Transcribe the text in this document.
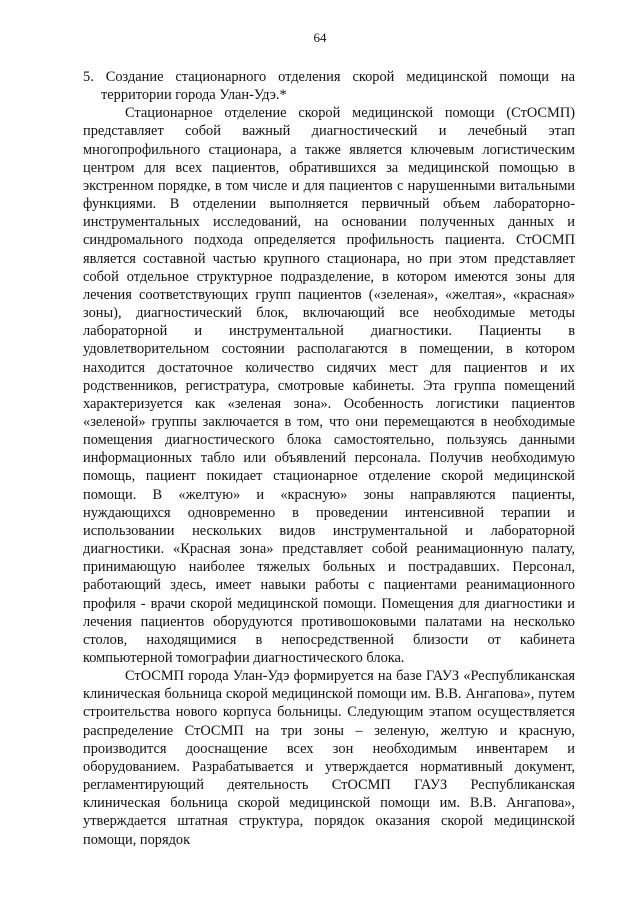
64

5. Создание стационарного отделения скорой медицинской помощи на территории города Улан-Удэ.*

Стационарное отделение скорой медицинской помощи (СтОСМП) представляет собой важный диагностический и лечебный этап многопрофильного стационара, а также является ключевым логистическим центром для всех пациентов, обратившихся за медицинской помощью в экстренном порядке, в том числе и для пациентов с нарушенными витальными функциями. В отделении выполняется первичный объем лабораторно-инструментальных исследований, на основании полученных данных и синдромального подхода определяется профильность пациента. СтОСМП является составной частью крупного стационара, но при этом представляет собой отдельное структурное подразделение, в котором имеются зоны для лечения соответствующих групп пациентов («зеленая», «желтая», «красная» зоны), диагностический блок, включающий все необходимые методы лабораторной и инструментальной диагностики. Пациенты в удовлетворительном состоянии располагаются в помещении, в котором находится достаточное количество сидячих мест для пациентов и их родственников, регистратура, смотровые кабинеты. Эта группа помещений характеризуется как «зеленая зона». Особенность логистики пациентов «зеленой» группы заключается в том, что они перемещаются в необходимые помещения диагностического блока самостоятельно, пользуясь данными информационных табло или объявлений персонала. Получив необходимую помощь, пациент покидает стационарное отделение скорой медицинской помощи. В «желтую» и «красную» зоны направляются пациенты, нуждающихся одновременно в проведении интенсивной терапии и использовании нескольких видов инструментальной и лабораторной диагностики. «Красная зона» представляет собой реанимационную палату, принимающую наиболее тяжелых больных и пострадавших. Персонал, работающий здесь, имеет навыки работы с пациентами реанимационного профиля - врачи скорой медицинской помощи. Помещения для диагностики и лечения пациентов оборудуются противошоковыми палатами на несколько столов, находящимися в непосредственной близости от кабинета компьютерной томографии диагностического блока.

СтОСМП города Улан-Удэ формируется на базе ГАУЗ «Республиканская клиническая больница скорой медицинской помощи им. В.В. Ангапова», путем строительства нового корпуса больницы. Следующим этапом осуществляется распределение СтОСМП на три зоны – зеленую, желтую и красную, производится дооснащение всех зон необходимым инвентарем и оборудованием. Разрабатывается и утверждается нормативный документ, регламентирующий деятельность СтОСМП ГАУЗ Республиканская клиническая больница скорой медицинской помощи им. В.В. Ангапова», утверждается штатная структура, порядок оказания скорой медицинской помощи, порядок
